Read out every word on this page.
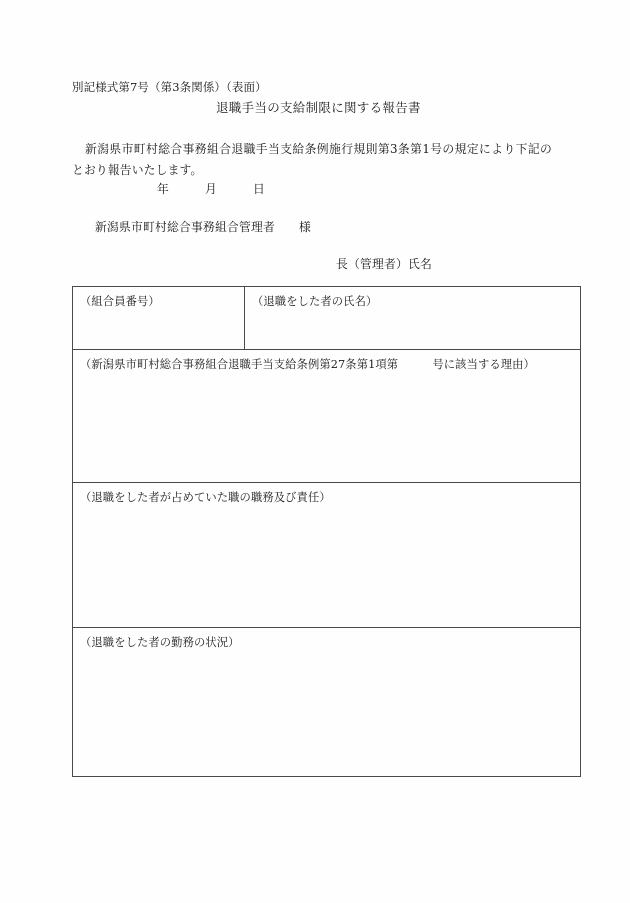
別記様式第7号（第3条関係）（表面）
退職手当の支給制限に関する報告書
新潟県市町村総合事務組合退職手当支給条例施行規則第3条第1号の規定により下記のとおり報告いたします。
年　　　月　　　日
新潟県市町村総合事務組合管理者　　様
長（管理者）氏名
（組合員番号）	（退職をした者の氏名）
（新潟県市町村総合事務組合退職手当支給条例第27条第1項第　　　号に該当する理由）
（退職をした者が占めていた職の職務及び責任）
（退職をした者の勤務の状況）
